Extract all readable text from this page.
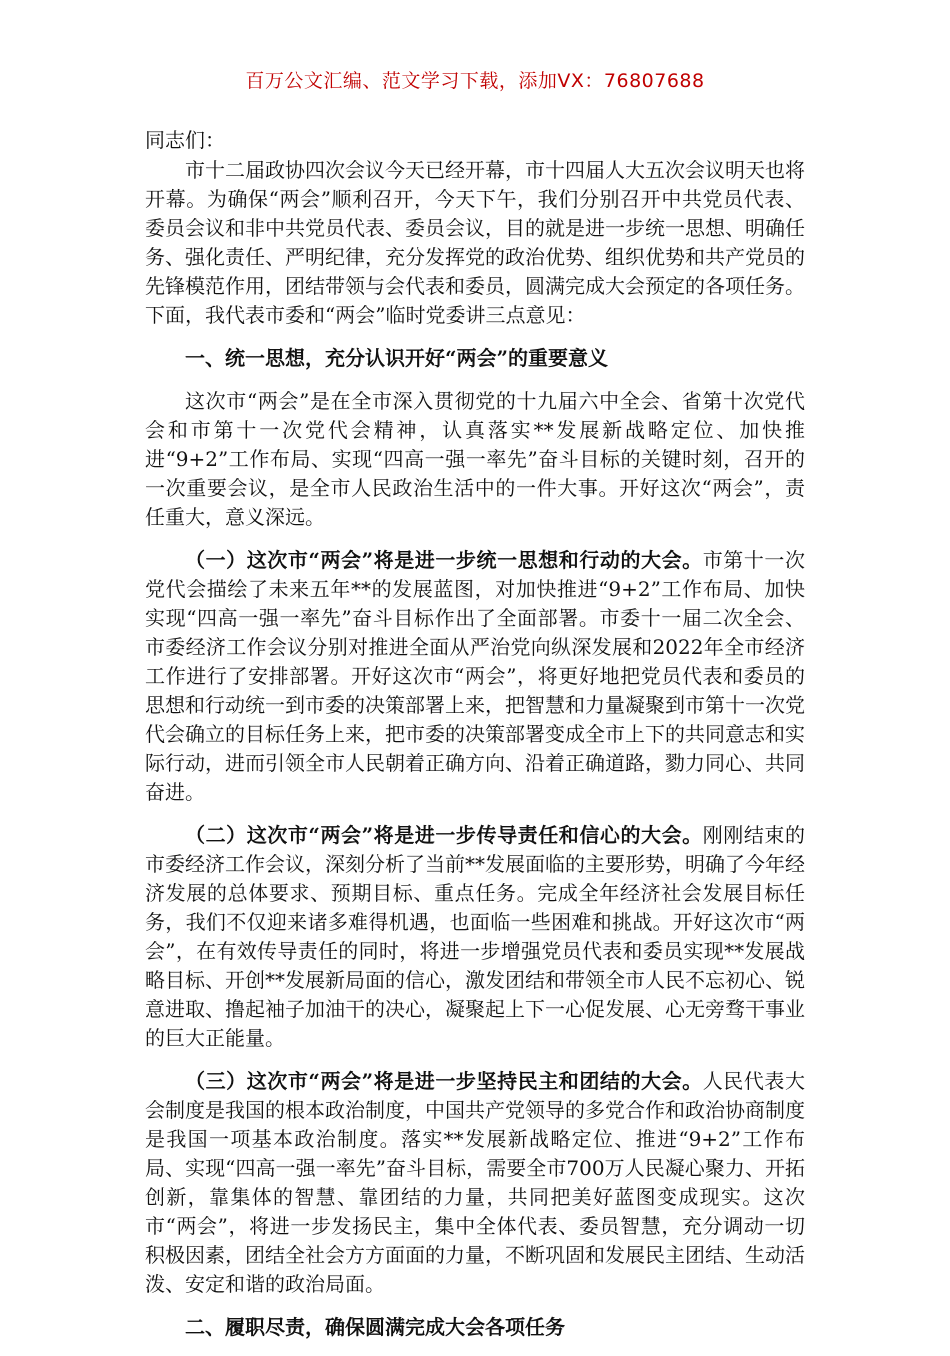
百万公文汇编、范文学习下载，添加VX：76807688

同志们：

市十二届政协四次会议今天已经开幕，市十四届人大五次会议明天也将开幕。为确保“两会”顺利召开，今天下午，我们分别召开中共党员代表、委员会议和非中共党员代表、委员会议，目的就是进一步统一思想、明确任务、强化责任、严明纪律，充分发挥党的政治优势、组织优势和共产党员的先锋模范作用，团结带领与会代表和委员，圆满完成大会预定的各项任务。下面，我代表市委和“两会”临时党委讲三点意见：

一、统一思想，充分认识开好“两会”的重要意义

这次市“两会”是在全市深入贯彻党的十九届六中全会、省第十次党代会和市第十一次党代会精神，认真落实**发展新战略定位、加快推进“9+2”工作布局、实现“四高一强一率先”奋斗目标的关键时刻，召开的一次重要会议，是全市人民政治生活中的一件大事。开好这次“两会”，责任重大，意义深远。

（一）这次市“两会”将是进一步统一思想和行动的大会。市第十一次党代会描绘了未来五年**的发展蓝图，对加快推进“9+2”工作布局、加快实现“四高一强一率先”奋斗目标作出了全面部署。市委十一届二次全会、市委经济工作会议分别对推进全面从严治党向纵深发展和2022年全市经济工作进行了安排部署。开好这次市“两会”，将更好地把党员代表和委员的思想和行动统一到市委的决策部署上来，把智慧和力量凝聚到市第十一次党代会确立的目标任务上来，把市委的决策部署变成全市上下的共同意志和实际行动，进而引领全市人民朝着正确方向、沿着正确道路，勠力同心、共同奋进。

（二）这次市“两会”将是进一步传导责任和信心的大会。刚刚结束的市委经济工作会议，深刻分析了当前**发展面临的主要形势，明确了今年经济发展的总体要求、预期目标、重点任务。完成全年经济社会发展目标任务，我们不仅迎来诸多难得机遇，也面临一些困难和挑战。开好这次市“两会”，在有效传导责任的同时，将进一步增强党员代表和委员实现**发展战略目标、开创**发展新局面的信心，激发团结和带领全市人民不忘初心、锐意进取、撸起袖子加油干的决心，凝聚起上下一心促发展、心无旁骛干事业的巨大正能量。

（三）这次市“两会”将是进一步坚持民主和团结的大会。人民代表大会制度是我国的根本政治制度，中国共产党领导的多党合作和政治协商制度是我国一项基本政治制度。落实**发展新战略定位、推进“9+2”工作布局、实现“四高一强一率先”奋斗目标，需要全市700万人民凝心聚力、开拓创新，靠集体的智慧、靠团结的力量，共同把美好蓝图变成现实。这次市“两会”，将进一步发扬民主，集中全体代表、委员智慧，充分调动一切积极因素，团结全社会方方面面的力量，不断巩固和发展民主团结、生动活泼、安定和谐的政治局面。

二、履职尽责，确保圆满完成大会各项任务
